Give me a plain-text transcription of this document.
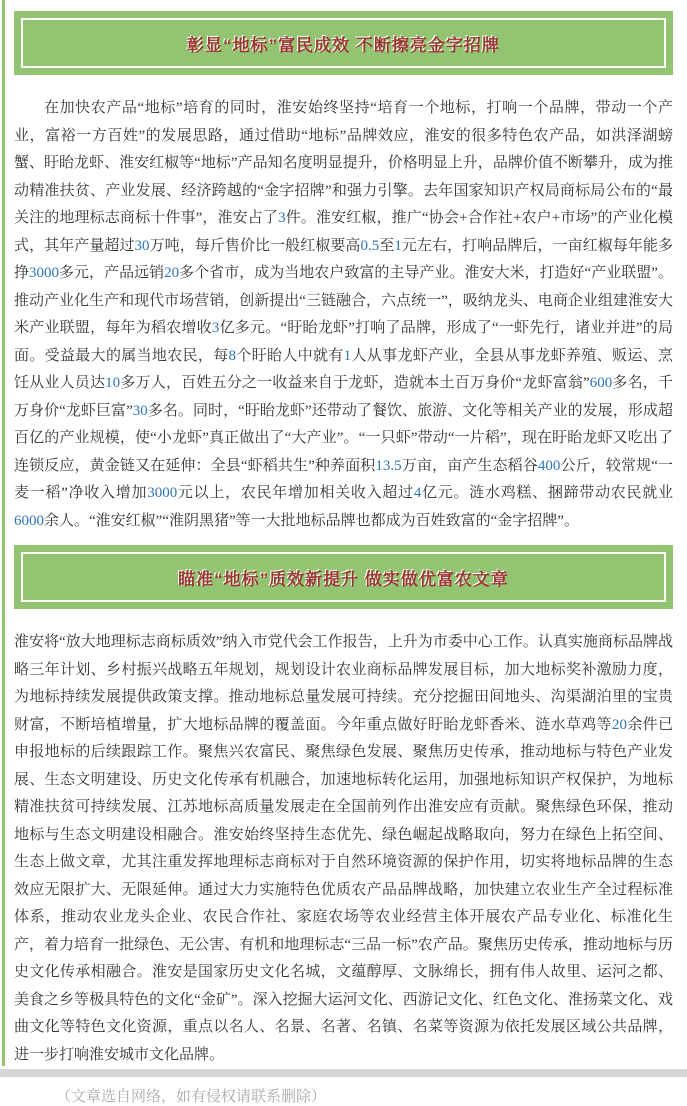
彰显“地标”富民成效 不断擦亮金字招牌

在加快农产品“地标”培育的同时，淮安始终坚持“培育一个地标，打响一个品牌，带动一个产业，富裕一方百姓”的发展思路，通过借助“地标”品牌效应，淮安的很多特色农产品，如洪泽湖螃蟹、盱眙龙虾、淮安红椒等“地标”产品知名度明显提升，价格明显上升，品牌价值不断攀升，成为推动精准扶贫、产业发展、经济跨越的“金字招牌”和强力引擎。去年国家知识产权局商标局公布的“最关注的地理标志商标十件事”，淮安占了3件。淮安红椒，推广“协会+合作社+农户+市场”的产业化模式，其年产量超过30万吨，每斤售价比一般红椒要高0.5至1元左右，打响品牌后，一亩红椒每年能多挣3000多元，产品远销20多个省市，成为当地农户致富的主导产业。淮安大米，打造好“产业联盟”。推动产业化生产和现代市场营销，创新提出“三链融合，六点统一”，吸纳龙头、电商企业组建淮安大米产业联盟，每年为稻农增收3亿多元。“盱眙龙虾”打响了品牌，形成了“一虾先行，诸业并进”的局面。受益最大的属当地农民，每8个盱眙人中就有1人从事龙虾产业，全县从事龙虾养殖、贩运、烹饪从业人员达10多万人，百姓五分之一收益来自于龙虾，造就本土百万身价“龙虾富翁”600多名，千万身价“龙虾巨富”30多名。同时，“盱眙龙虾”还带动了餐饮、旅游、文化等相关产业的发展，形成超百亿的产业规模，使“小龙虾”真正做出了“大产业”。“一只虾”带动“一片稻”，现在盱眙龙虾又吃出了连锁反应，黄金链又在延伸：全县“虾稻共生”种养面积13.5万亩，亩产生态稻谷400公斤，较常规“一麦一稻”净收入增加3000元以上，农民年增加相关收入超过4亿元。涟水鸡糕、捆蹄带动农民就业6000余人。“淮安红椒”“淮阴黑猪”等一大批地标品牌也都成为百姓致富的“金字招牌”。

瞄准“地标”质效新提升 做实做优富农文章

淮安将“放大地理标志商标质效”纳入市党代会工作报告，上升为市委中心工作。认真实施商标品牌战略三年计划、乡村振兴战略五年规划，规划设计农业商标品牌发展目标，加大地标奖补激励力度，为地标持续发展提供政策支撑。推动地标总量发展可持续。充分挖掘田间地头、沟渠湖泊里的宝贵财富，不断培植增量，扩大地标品牌的覆盖面。今年重点做好盱眙龙虾香米、涟水草鸡等20余件已申报地标的后续跟踪工作。聚焦兴农富民、聚焦绿色发展、聚焦历史传承，推动地标与特色产业发展、生态文明建设、历史文化传承有机融合，加速地标转化运用，加强地标知识产权保护，为地标精准扶贫可持续发展、江苏地标高质量发展走在全国前列作出淮安应有贡献。聚焦绿色环保，推动地标与生态文明建设相融合。淮安始终坚持生态优先、绿色崛起战略取向，努力在绿色上拓空间、生态上做文章，尤其注重发挥地理标志商标对于自然环境资源的保护作用，切实将地标品牌的生态效应无限扩大、无限延伸。通过大力实施特色优质农产品品牌战略，加快建立农业生产全过程标准体系，推动农业龙头企业、农民合作社、家庭农场等农业经营主体开展农产品专业化、标准化生产，着力培育一批绿色、无公害、有机和地理标志“三品一标”农产品。聚焦历史传承，推动地标与历史文化传承相融合。淮安是国家历史文化名城，文蕴醇厚、文脉绵长，拥有伟人故里、运河之都、美食之乡等极具特色的文化“金矿”。深入挖掘大运河文化、西游记文化、红色文化、淮扬菜文化、戏曲文化等特色文化资源，重点以名人、名景、名著、名镇、名菜等资源为依托发展区域公共品牌，进一步打响淮安城市文化品牌。

（文章选自网络，如有侵权请联系删除）
